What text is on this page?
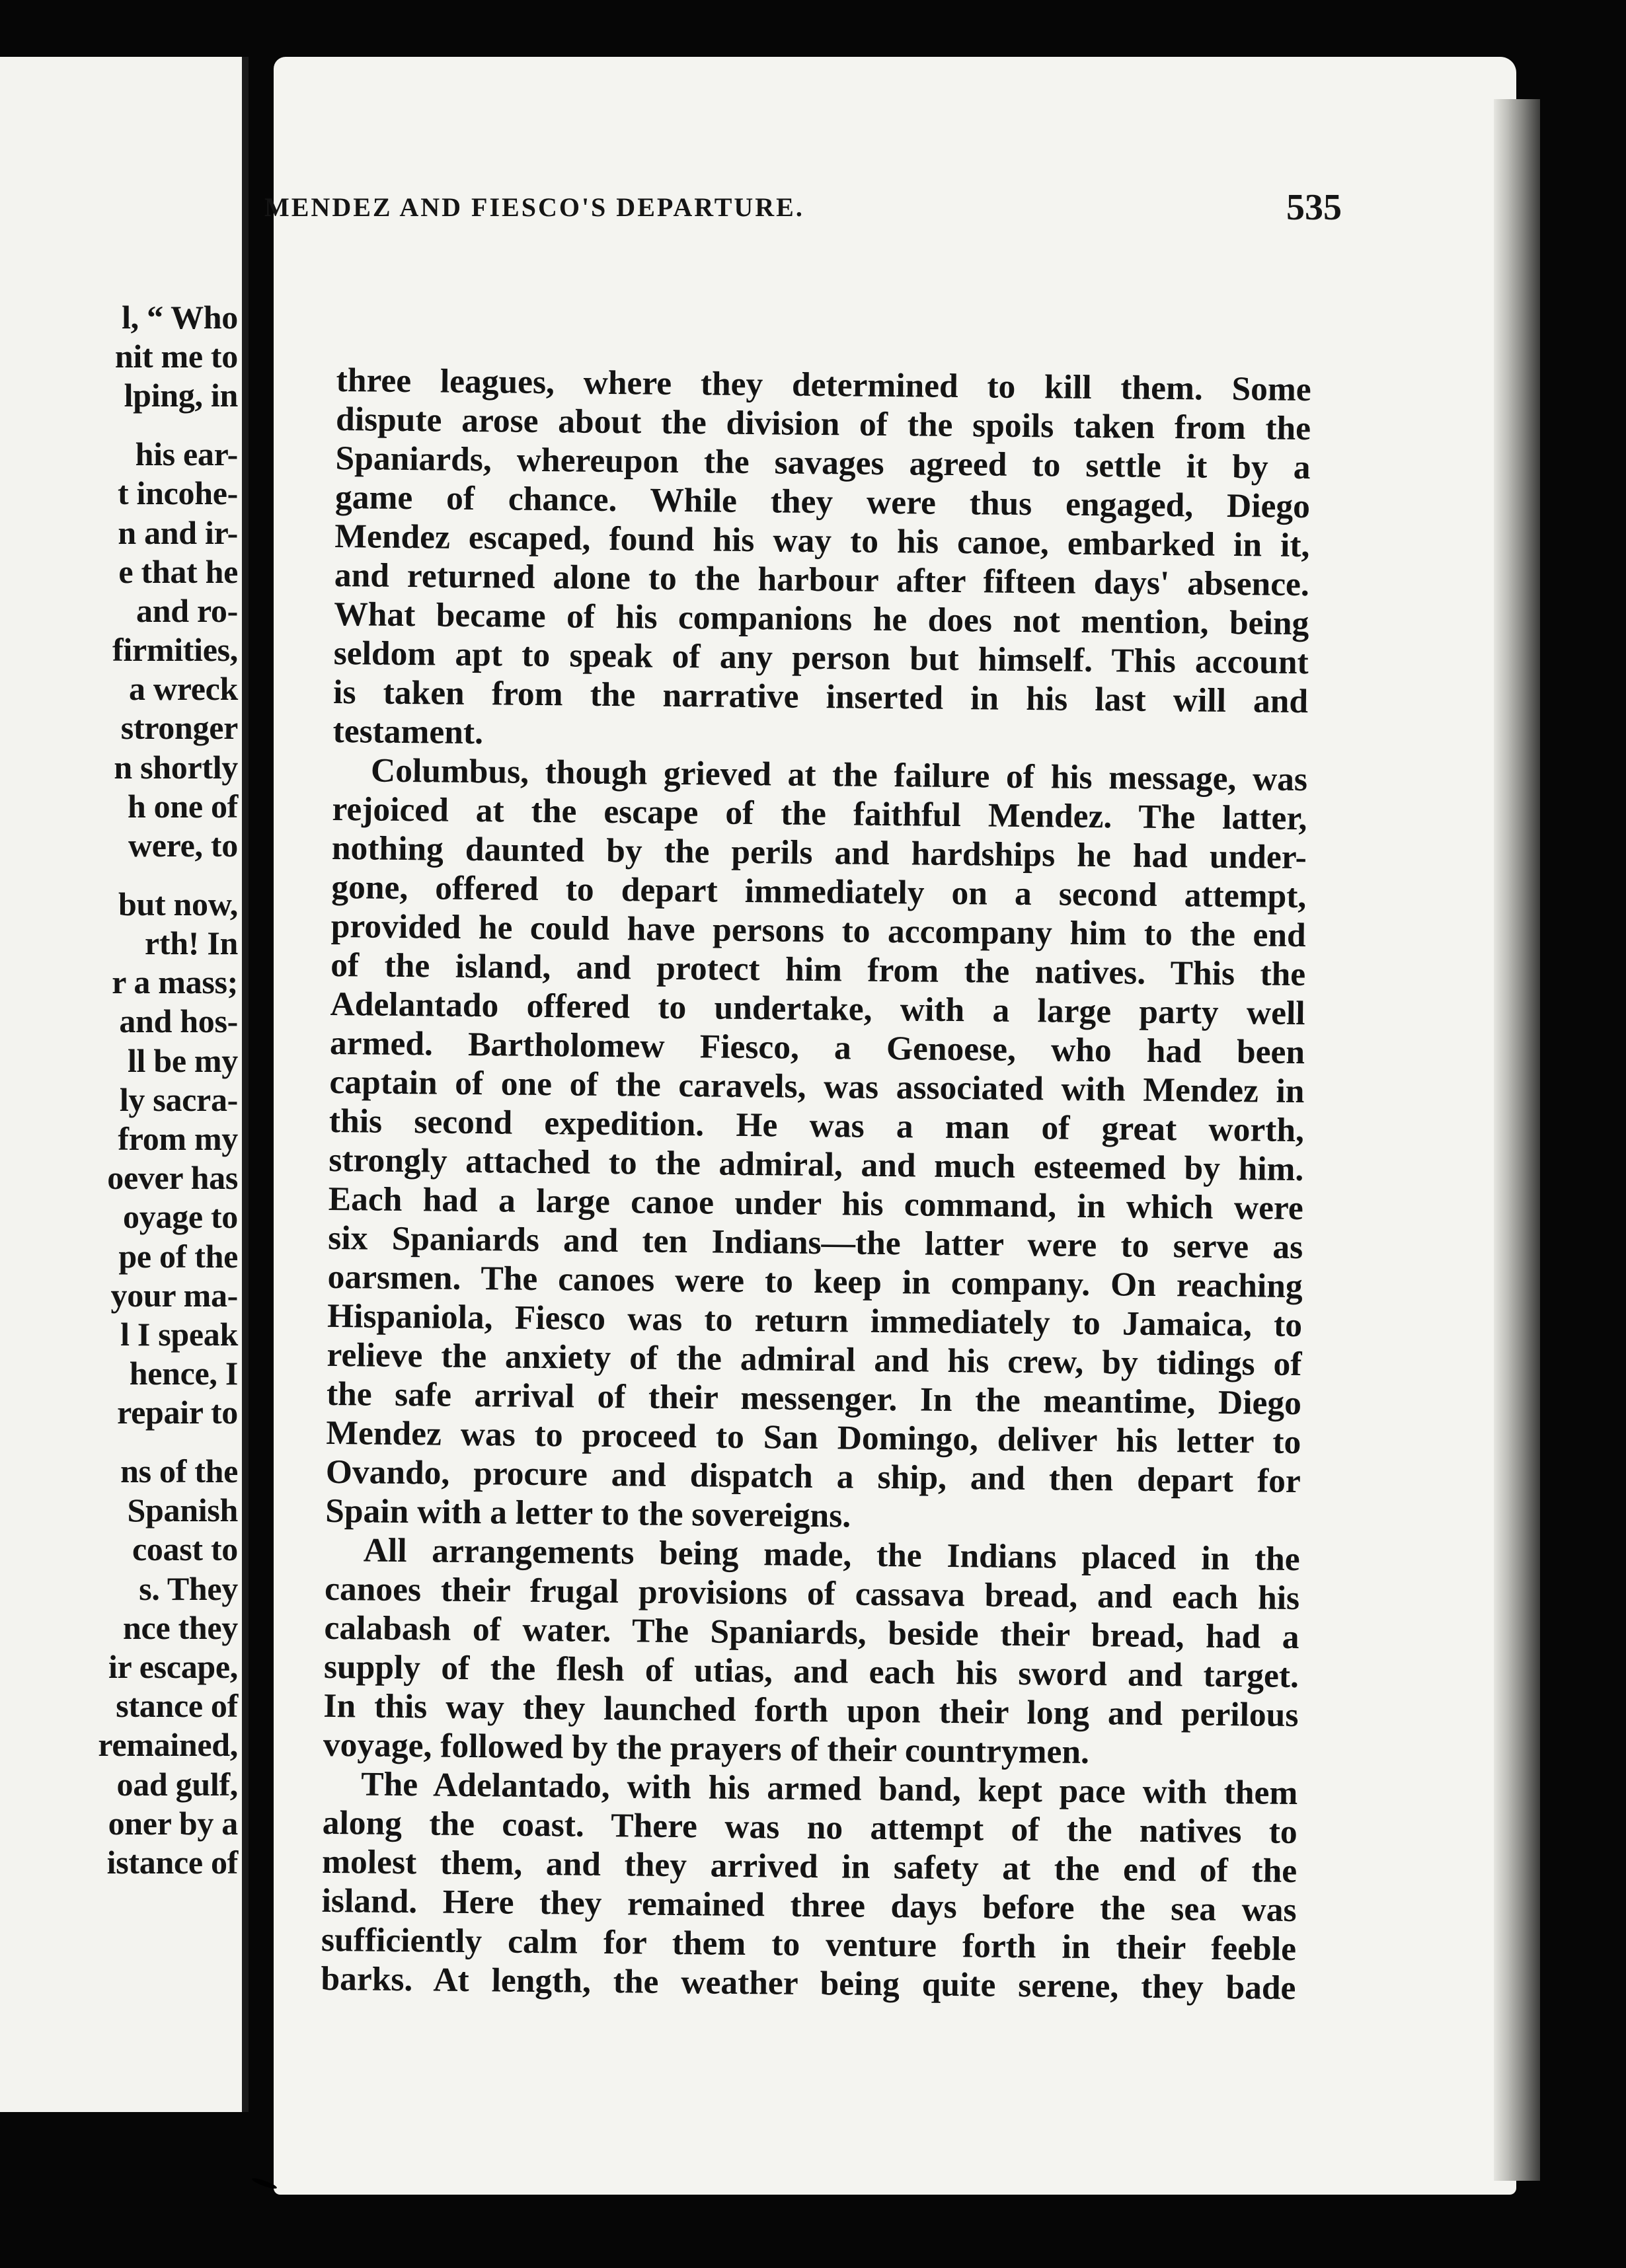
l, “ Who
nit me to
lping, in
his ear-
t incohe-
n and ir-
e that he
and ro-
firmities,
a wreck
stronger
n shortly
h one of
were, to
but now,
rth! In
r a mass;
and hos-
ll be my
ly sacra-
from my
oever has
oyage to
pe of the
your ma-
l I speak
hence, I
repair to
ns of the
Spanish
coast to
s. They
nce they
ir escape,
stance of
remained,
oad gulf,
oner by a
istance of
MENDEZ AND FIESCO'S DEPARTURE.	535
three leagues, where they determined to kill them. Some
dispute arose about the division of the spoils taken from the
Spaniards, whereupon the savages agreed to settle it by a
game of chance. While they were thus engaged, Diego
Mendez escaped, found his way to his canoe, embarked in it,
and returned alone to the harbour after fifteen days' absence.
What became of his companions he does not mention, being
seldom apt to speak of any person but himself. This account
is taken from the narrative inserted in his last will and
testament.
Columbus, though grieved at the failure of his message, was
rejoiced at the escape of the faithful Mendez. The latter,
nothing daunted by the perils and hardships he had under-
gone, offered to depart immediately on a second attempt,
provided he could have persons to accompany him to the end
of the island, and protect him from the natives. This the
Adelantado offered to undertake, with a large party well
armed. Bartholomew Fiesco, a Genoese, who had been
captain of one of the caravels, was associated with Mendez in
this second expedition. He was a man of great worth,
strongly attached to the admiral, and much esteemed by him.
Each had a large canoe under his command, in which were
six Spaniards and ten Indians—the latter were to serve as
oarsmen. The canoes were to keep in company. On reaching
Hispaniola, Fiesco was to return immediately to Jamaica, to
relieve the anxiety of the admiral and his crew, by tidings of
the safe arrival of their messenger. In the meantime, Diego
Mendez was to proceed to San Domingo, deliver his letter to
Ovando, procure and dispatch a ship, and then depart for
Spain with a letter to the sovereigns.
All arrangements being made, the Indians placed in the
canoes their frugal provisions of cassava bread, and each his
calabash of water. The Spaniards, beside their bread, had a
supply of the flesh of utias, and each his sword and target.
In this way they launched forth upon their long and perilous
voyage, followed by the prayers of their countrymen.
The Adelantado, with his armed band, kept pace with them
along the coast. There was no attempt of the natives to
molest them, and they arrived in safety at the end of the
island. Here they remained three days before the sea was
sufficiently calm for them to venture forth in their feeble
barks. At length, the weather being quite serene, they bade
